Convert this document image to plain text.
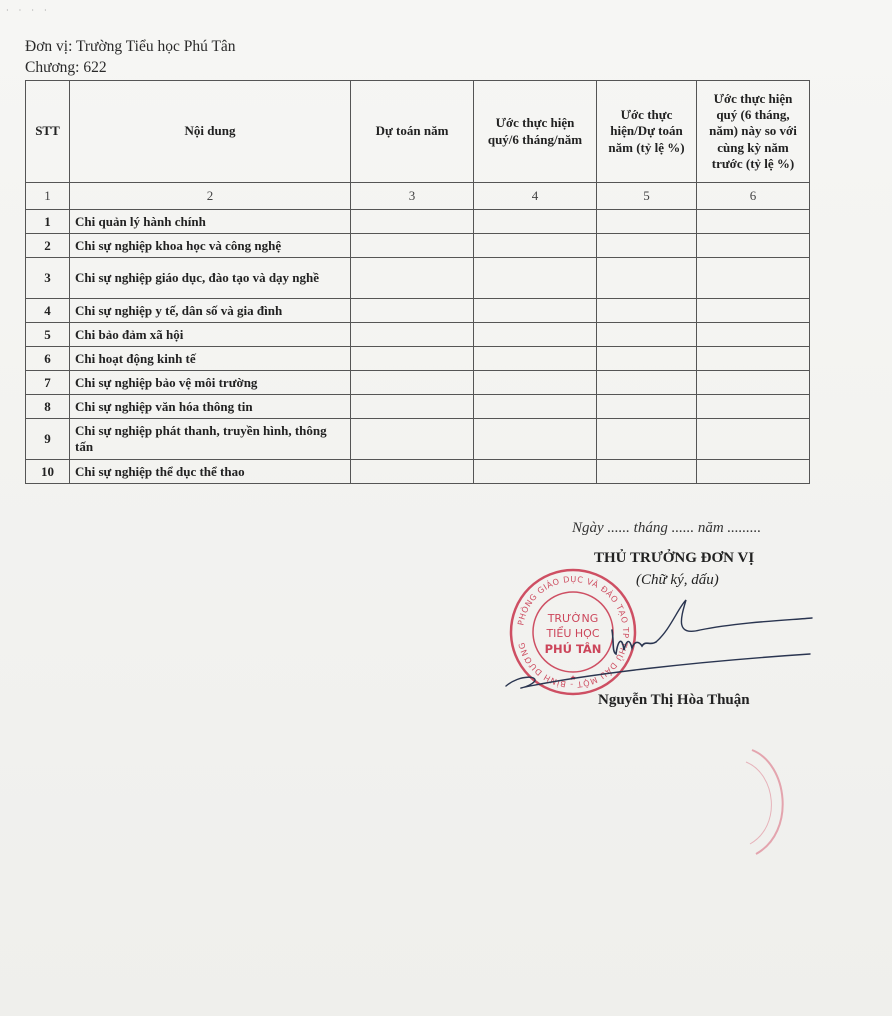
· · · ·
Đơn vị: Trường Tiểu học Phú Tân
Chương: 622
STT	Nội dung	Dự toán năm	Ước thực hiện quý/6 tháng/năm	Ước thực hiện/Dự toán năm (tỷ lệ %)	Ước thực hiện quý (6 tháng, năm) này so với cùng kỳ năm trước (tỷ lệ %)
1	2	3	4	5	6
1	Chi quản lý hành chính				
2	Chi sự nghiệp khoa học và công nghệ				
3	Chi sự nghiệp giáo dục, đào tạo và dạy nghề				
4	Chi sự nghiệp y tế, dân số và gia đình				
5	Chi bảo đảm xã hội				
6	Chi hoạt động kinh tế				
7	Chi sự nghiệp bảo vệ môi trường				
8	Chi sự nghiệp văn hóa thông tin				
9	Chi sự nghiệp phát thanh, truyền hình, thông tấn				
10	Chi sự nghiệp thể dục thể thao				
Ngày ...... tháng ...... năm .........
THỦ TRƯỞNG ĐƠN VỊ
(Chữ ký, dấu)
PHÒNG GIÁO DỤC VÀ ĐÀO TẠO TP THỦ DẦU MỘT - BÌNH DƯƠNG
TRƯỜNG
TIỂU HỌC
PHÚ TÂN
★
Nguyễn Thị Hòa Thuận
